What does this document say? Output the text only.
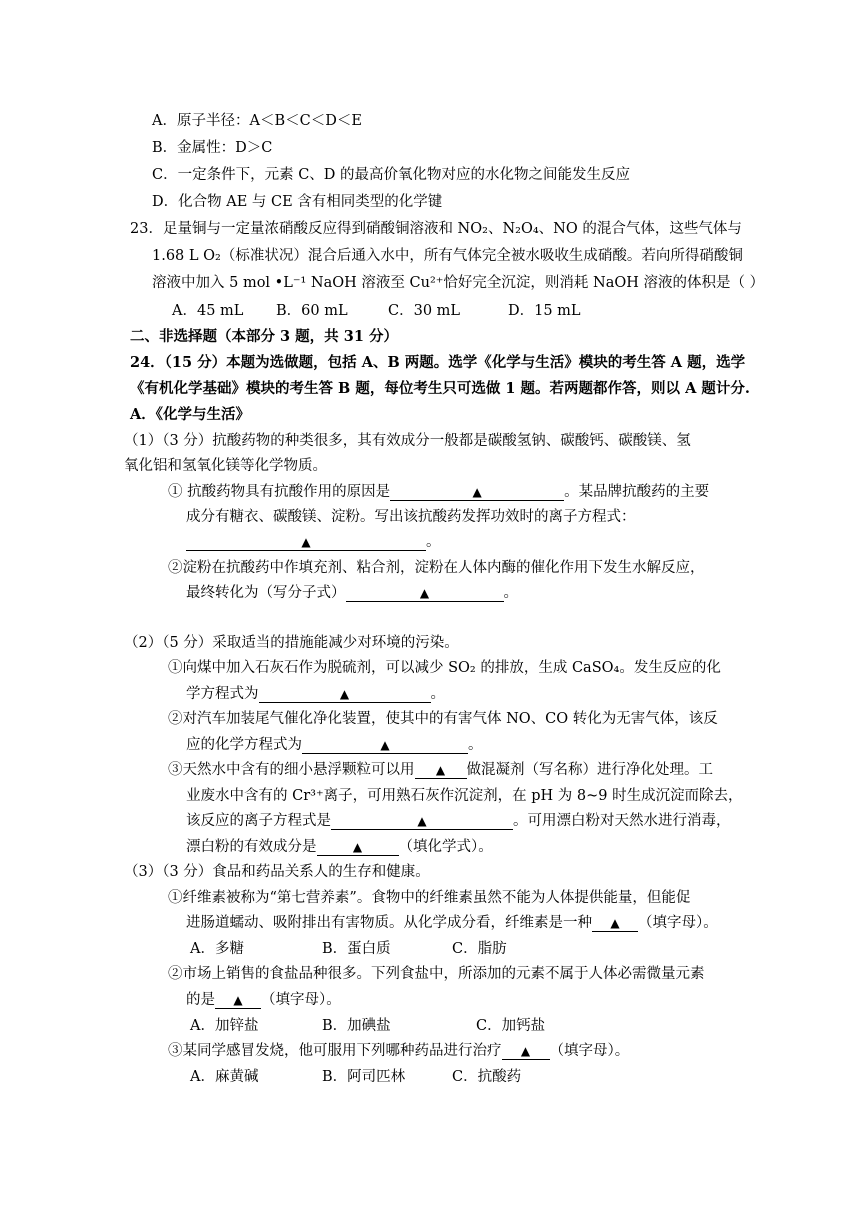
A．原子半径：A＜B＜C＜D＜E
B．金属性：D＞C
C．一定条件下，元素 C、D 的最高价氧化物对应的水化物之间能发生反应
D．化合物 AE 与 CE 含有相同类型的化学键
23．足量铜与一定量浓硝酸反应得到硝酸铜溶液和 NO₂、N₂O₄、NO 的混合气体，这些气体与
1.68 L O₂（标准状况）混合后通入水中，所有气体完全被水吸收生成硝酸。若向所得硝酸铜
溶液中加入 5 mol •L⁻¹ NaOH 溶液至 Cu²⁺恰好完全沉淀，则消耗 NaOH 溶液的体积是（ ）
A．45 mL B．60 mL	C．30 mL	D．15 mL
二、非选择题（本部分 3 题，共 31 分）
24．（15 分）本题为选做题，包括 A、B 两题。选学《化学与生活》模块的考生答 A 题，选学
《有机化学基础》模块的考生答 B 题，每位考生只可选做 1 题。若两题都作答，则以 A 题计分.
A．《化学与生活》
（1）（3 分）抗酸药物的种类很多，其有效成分一般都是碳酸氢钠、碳酸钙、碳酸镁、氢
氧化铝和氢氧化镁等化学物质。
① 抗酸药物具有抗酸作用的原因是	▲	。某品牌抗酸药的主要
成分有糖衣、碳酸镁、淀粉。写出该抗酸药发挥功效时的离子方程式：
▲	。
②淀粉在抗酸药中作填充剂、粘合剂，淀粉在人体内酶的催化作用下发生水解反应，
最终转化为（写分子式）	▲	。
（2）（5 分）采取适当的措施能减少对环境的污染。
①向煤中加入石灰石作为脱硫剂，可以减少 SO₂ 的排放，生成 CaSO₄。发生反应的化
学方程式为	▲	。
②对汽车加装尾气催化净化装置，使其中的有害气体 NO、CO 转化为无害气体，该反
应的化学方程式为	▲	。
③天然水中含有的细小悬浮颗粒可以用 ▲ 做混凝剂（写名称）进行净化处理。工
业废水中含有的 Cr³⁺离子，可用熟石灰作沉淀剂，在 pH 为 8~9 时生成沉淀而除去，
该反应的离子方程式是	▲	。可用漂白粉对天然水进行消毒，
漂白粉的有效成分是	▲	（填化学式）。
（3）（3 分）食品和药品关系人的生存和健康。
①纤维素被称为“第七营养素”。食物中的纤维素虽然不能为人体提供能量，但能促
进肠道蠕动、吸附排出有害物质。从化学成分看，纤维素是一种 ▲ （填字母）。
A．多糖	B．蛋白质	C．脂肪
②市场上销售的食盐品种很多。下列食盐中，所添加的元素不属于人体必需微量元素
的是 ▲ （填字母）。
A．加锌盐	B．加碘盐	C．加钙盐
③某同学感冒发烧，他可服用下列哪种药品进行治疗 ▲ （填字母）。
A．麻黄碱	B．阿司匹林	C．抗酸药
